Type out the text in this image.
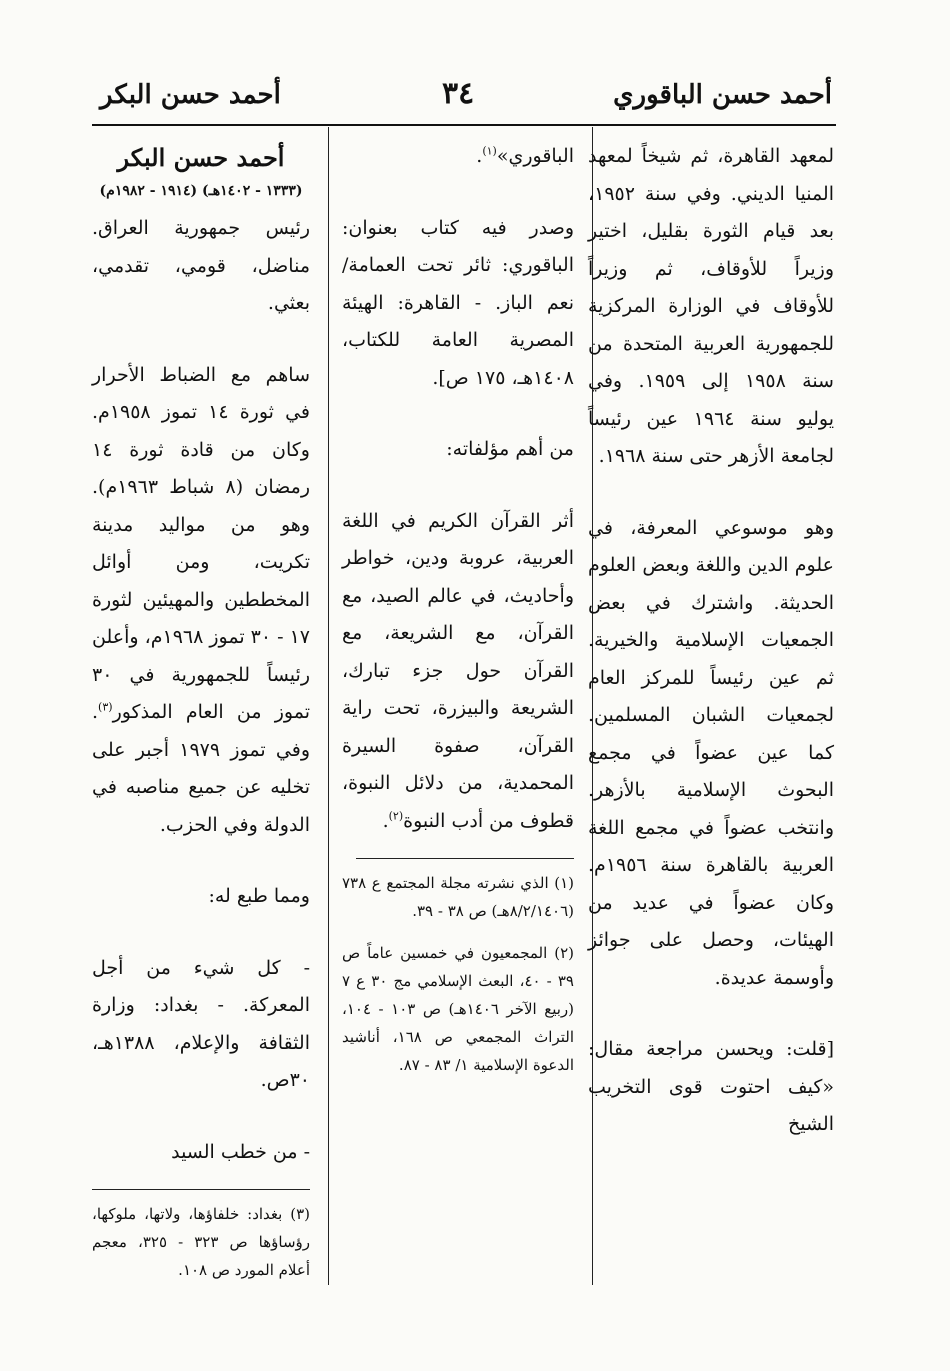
أحمد حسن الباقوري
٣٤
أحمد حسن البكر

لمعهد القاهرة، ثم شيخاً لمعهد المنيا الديني. وفي سنة ١٩٥٢، بعد قيام الثورة بقليل، اختير وزيراً للأوقاف، ثم وزيراً للأوقاف في الوزارة المركزية للجمهورية العربية المتحدة من سنة ١٩٥٨ إلى ١٩٥٩. وفي يوليو سنة ١٩٦٤ عين رئيساً لجامعة الأزهر حتى سنة ١٩٦٨.

وهو موسوعي المعرفة، في علوم الدين واللغة وبعض العلوم الحديثة. واشترك في بعض الجمعيات الإسلامية والخيرية. ثم عين رئيساً للمركز العام لجمعيات الشبان المسلمين. كما عين عضواً في مجمع البحوث الإسلامية بالأزهر. وانتخب عضواً في مجمع اللغة العربية بالقاهرة سنة ١٩٥٦م. وكان عضواً في عديد من الهيئات، وحصل على جوائز وأوسمة عديدة.

[قلت: ويحسن مراجعة مقال: «كيف احتوت قوى التخريب الشيخ

الباقوري»$^{(١)}$.

وصدر فيه كتاب بعنوان: الباقوري: ثائر تحت العمامة/ نعم الباز. - القاهرة: الهيئة المصرية العامة للكتاب، ١٤٠٨هـ، ١٧٥ ص].

من أهم مؤلفاته:

أثر القرآن الكريم في اللغة العربية، عروبة ودين، خواطر وأحاديث، في عالم الصيد، مع القرآن، مع الشريعة، مع القرآن حول جزء تبارك، الشريعة والبيزرة، تحت راية القرآن، صفوة السيرة المحمدية، من دلائل النبوة، قطوف من أدب النبوة$^{(٢)}$.

(١) الذي نشرته مجلة المجتمع ع ٧٣٨ (٨/٢/١٤٠٦هـ) ص ٣٨ - ٣٩.

(٢) المجمعيون في خمسين عاماً ص ٣٩ - ٤٠، البعث الإسلامي مج ٣٠ ع ٧ (ربيع الآخر ١٤٠٦هـ) ص ١٠٣ - ١٠٤، التراث المجمعي ص ١٦٨، أناشيد الدعوة الإسلامية ١/ ٨٣ - ٨٧.

أحمد حسن البكر
(١٣٣٣ - ١٤٠٢هـ) (١٩١٤ - ١٩٨٢م)

رئيس جمهورية العراق. مناضل، قومي، تقدمي، بعثي.

ساهم مع الضباط الأحرار في ثورة ١٤ تموز ١٩٥٨م. وكان من قادة ثورة ١٤ رمضان (٨ شباط ١٩٦٣م). وهو من مواليد مدينة تكريت، ومن أوائل المخططين والمهيئين لثورة ١٧ - ٣٠ تموز ١٩٦٨م، وأعلن رئيساً للجمهورية في ٣٠ تموز من العام المذكور$^{(٣)}$. وفي تموز ١٩٧٩ أجبر على تخليه عن جميع مناصبه في الدولة وفي الحزب.

ومما طبع له:

- كل شيء من أجل المعركة. - بغداد: وزارة الثقافة والإعلام، ١٣٨٨هـ، ٣٠ص.

- من خطب السيد

(٣) بغداد: خلفاؤها، ولاتها، ملوكها، رؤساؤها ص ٣٢٣ - ٣٢٥، معجم أعلام المورد ص ١٠٨.
